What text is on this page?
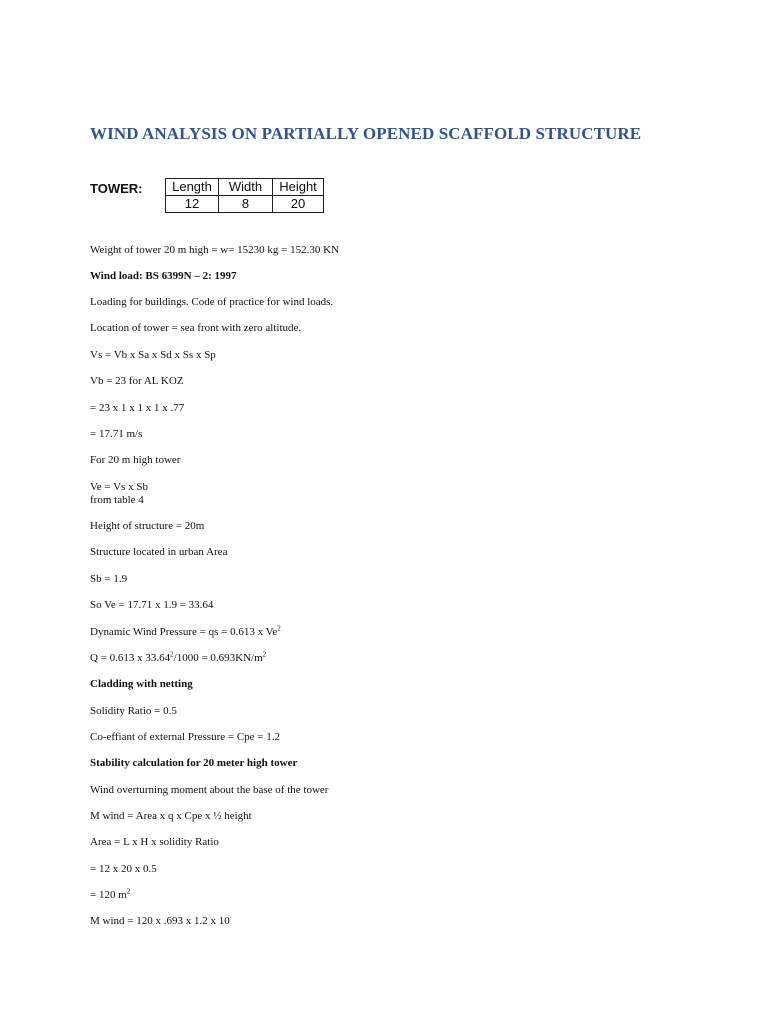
WIND ANALYSIS ON PARTIALLY OPENED SCAFFOLD STRUCTURE
TOWER: Length	Width	Height
12	8	20
Weight of tower 20 m high = w= 15230 kg = 152.30 KN
Wind load: BS 6399N – 2: 1997
Loading for buildings. Code of practice for wind loads.
Location of tower = sea front with zero altitude.
Vs = Vb x Sa x Sd x Ss x Sp
Vb = 23 for AL KOZ
= 23 x 1 x 1 x 1 x .77
= 17.71 m/s
For 20 m high tower
Ve = Vs x Sb
from table 4
Height of structure = 20m
Structure located in urban Area
Sb = 1.9
So Ve = 17.71 x 1.9 = 33.64
Dynamic Wind Pressure = qs = 0.613 x Ve$^2$
Q = 0.613 x $33.64^2/1000 = 0.693KN/m^2$
Cladding with netting
Solidity Ratio = 0.5
Co-effiant of external Pressure = Cpe = 1.2
Stability calculation for 20 meter high tower
Wind overturning moment about the base of the tower
M wind = Area x q x Cpe x ½ height
Area = L x H x solidity Ratio
= 12 x 20 x 0.5
= 120 $m^2$
M wind = 120 x .693 x 1.2 x 10
